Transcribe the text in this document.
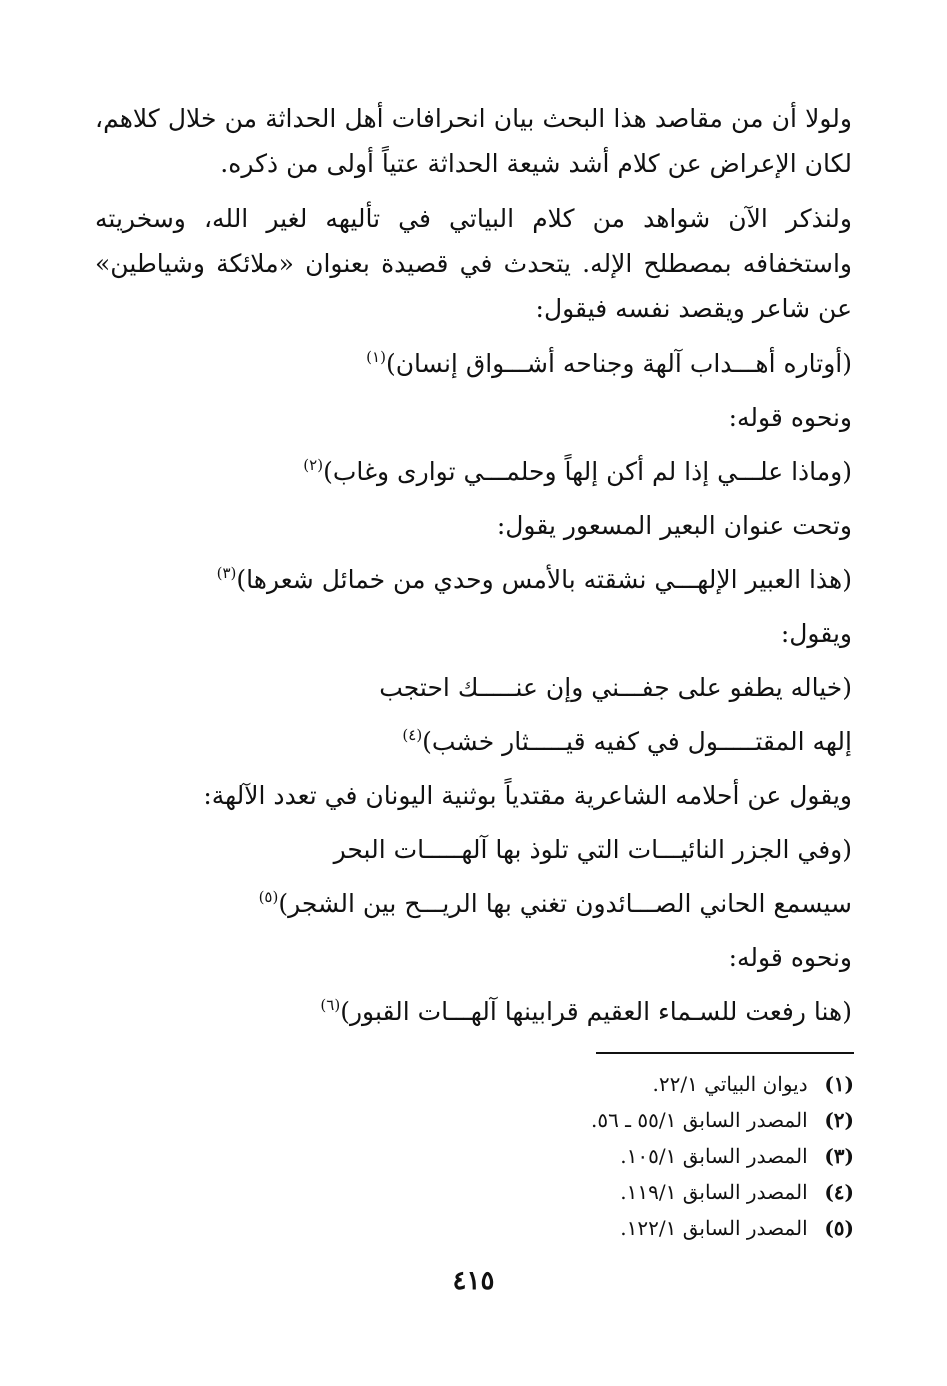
ولولا أن من مقاصد هذا البحث بيان انحرافات أهل الحداثة من خلال كلاهم، لكان الإعراض عن كلام أشد شيعة الحداثة عتياً أولى من ذكره.

ولنذكر الآن شواهد من كلام البياتي في تأليهه لغير الله، وسخريته واستخفافه بمصطلح الإله. يتحدث في قصيدة بعنوان «ملائكة وشياطين» عن شاعر ويقصد نفسه فيقول:

(أوتاره أهـــداب آلهة وجناحه أشـــواق إنسان)$^{(١)}$
ونحوه قوله:
(وماذا علـــي إذا لم أكن إلهاً وحلمـــي توارى وغاب)$^{(٢)}$
وتحت عنوان البعير المسعور يقول:
(هذا العبير الإلهـــي نشقته بالأمس وحدي من خمائل شعرها)$^{(٣)}$
ويقول:
(خياله يطفو على جفـــني وإن عنـــــك احتجب
إلهه المقتـــــول في كفيه قيـــــثار خشب)$^{(٤)}$
ويقول عن أحلامه الشاعرية مقتدياً بوثنية اليونان في تعدد الآلهة:
(وفي الجزر النائيـــات التي تلوذ بها آلهـــــات البحر
سيسمع الحاني الصـــائدون تغني بها الريـــح بين الشجر)$^{(٥)}$
ونحوه قوله:
(هنا رفعت للسـماء العقيم قرابينها آلهـــات القبور)$^{(٦)}$
(١) ديوان البياتي ٢٢/١.
(٢) المصدر السابق ٥٥/١ ـ ٥٦.
(٣) المصدر السابق ١٠٥/١.
(٤) المصدر السابق ١١٩/١.
(٥) المصدر السابق ١٢٢/١.
٤١٥
